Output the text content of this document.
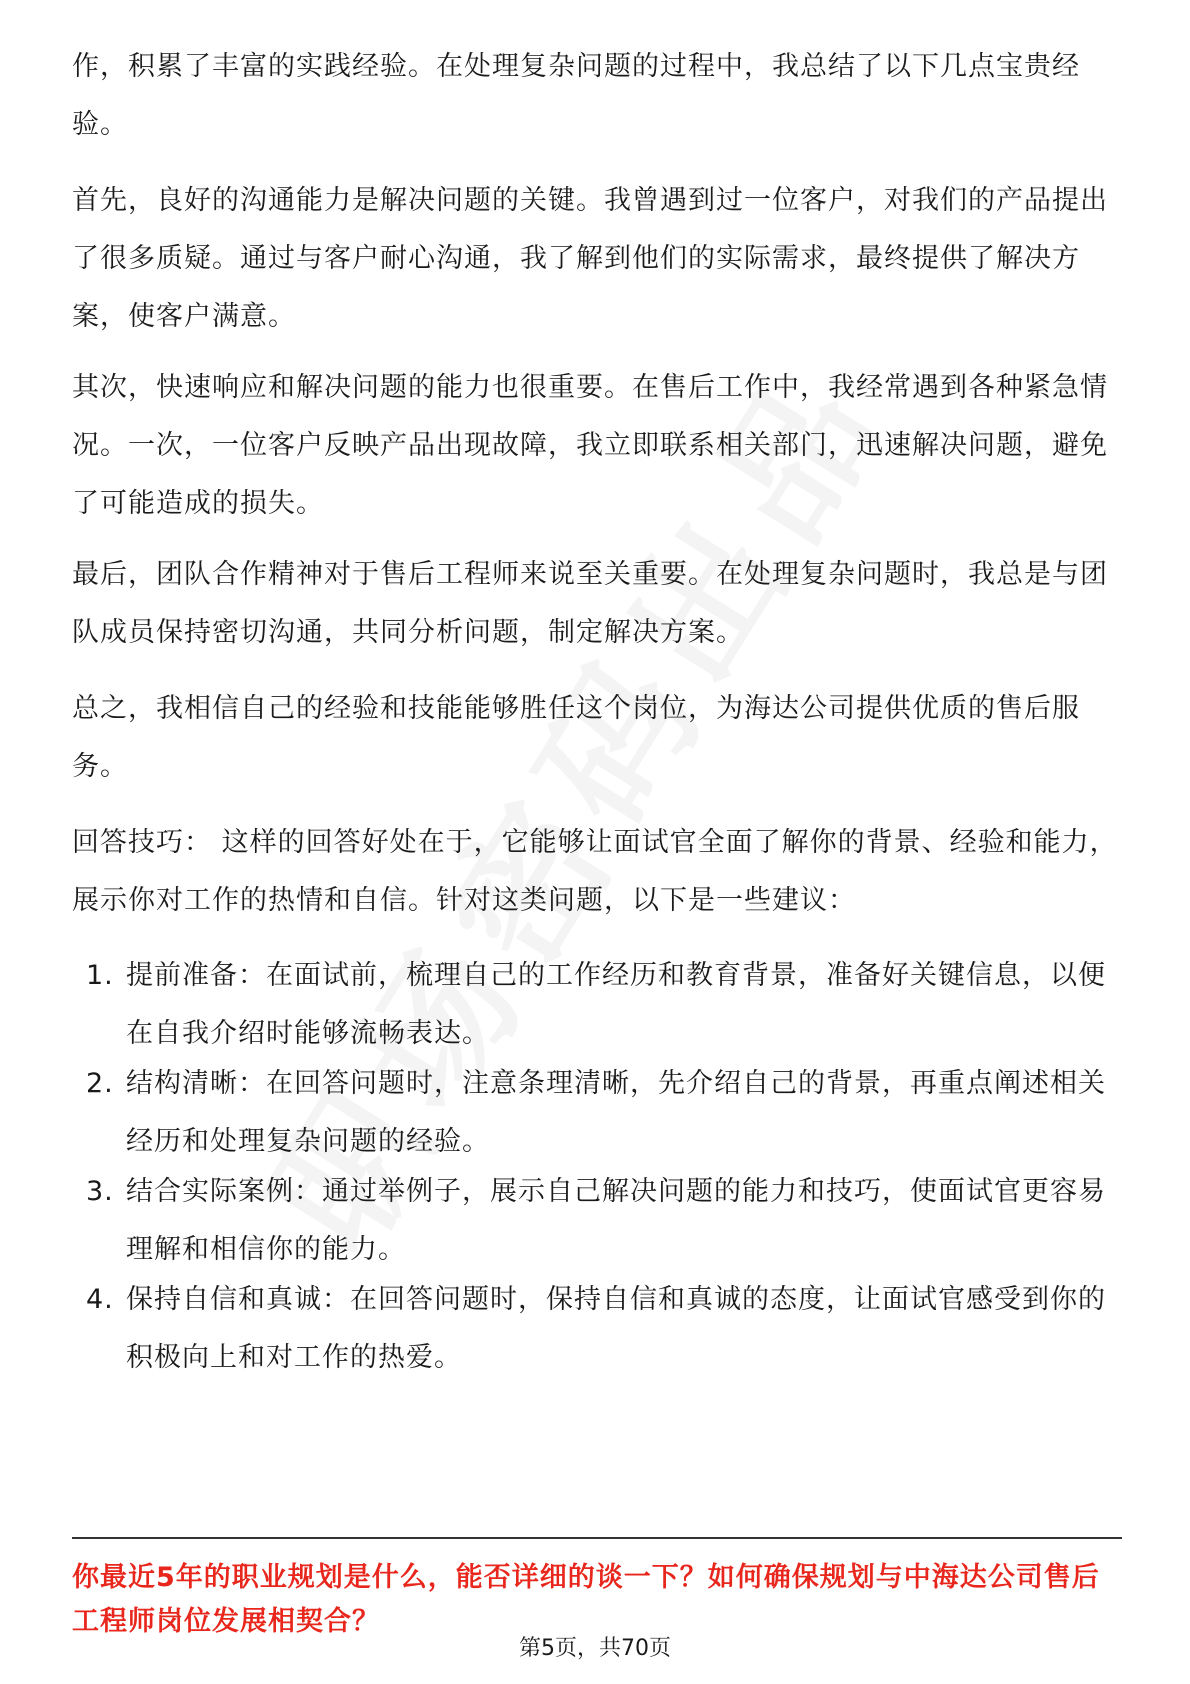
作，积累了丰富的实践经验。在处理复杂问题的过程中，我总结了以下几点宝贵经验。

首先，良好的沟通能力是解决问题的关键。我曾遇到过一位客户，对我们的产品提出了很多质疑。通过与客户耐心沟通，我了解到他们的实际需求，最终提供了解决方案，使客户满意。

其次，快速响应和解决问题的能力也很重要。在售后工作中，我经常遇到各种紧急情况。一次，一位客户反映产品出现故障，我立即联系相关部门，迅速解决问题，避免了可能造成的损失。

最后，团队合作精神对于售后工程师来说至关重要。在处理复杂问题时，我总是与团队成员保持密切沟通，共同分析问题，制定解决方案。

总之，我相信自己的经验和技能能够胜任这个岗位，为海达公司提供优质的售后服务。

回答技巧： 这样的回答好处在于，它能够让面试官全面了解你的背景、经验和能力，展示你对工作的热情和自信。针对这类问题，以下是一些建议：

1. 提前准备：在面试前，梳理自己的工作经历和教育背景，准备好关键信息，以便在自我介绍时能够流畅表达。
2. 结构清晰：在回答问题时，注意条理清晰，先介绍自己的背景，再重点阐述相关经历和处理复杂问题的经验。
3. 结合实际案例：通过举例子，展示自己解决问题的能力和技巧，使面试官更容易理解和相信你的能力。
4. 保持自信和真诚：在回答问题时，保持自信和真诚的态度，让面试官感受到你的积极向上和对工作的热爱。
你最近5年的职业规划是什么，能否详细的谈一下？如何确保规划与中海达公司售后工程师岗位发展相契合？
第5页，共70页
